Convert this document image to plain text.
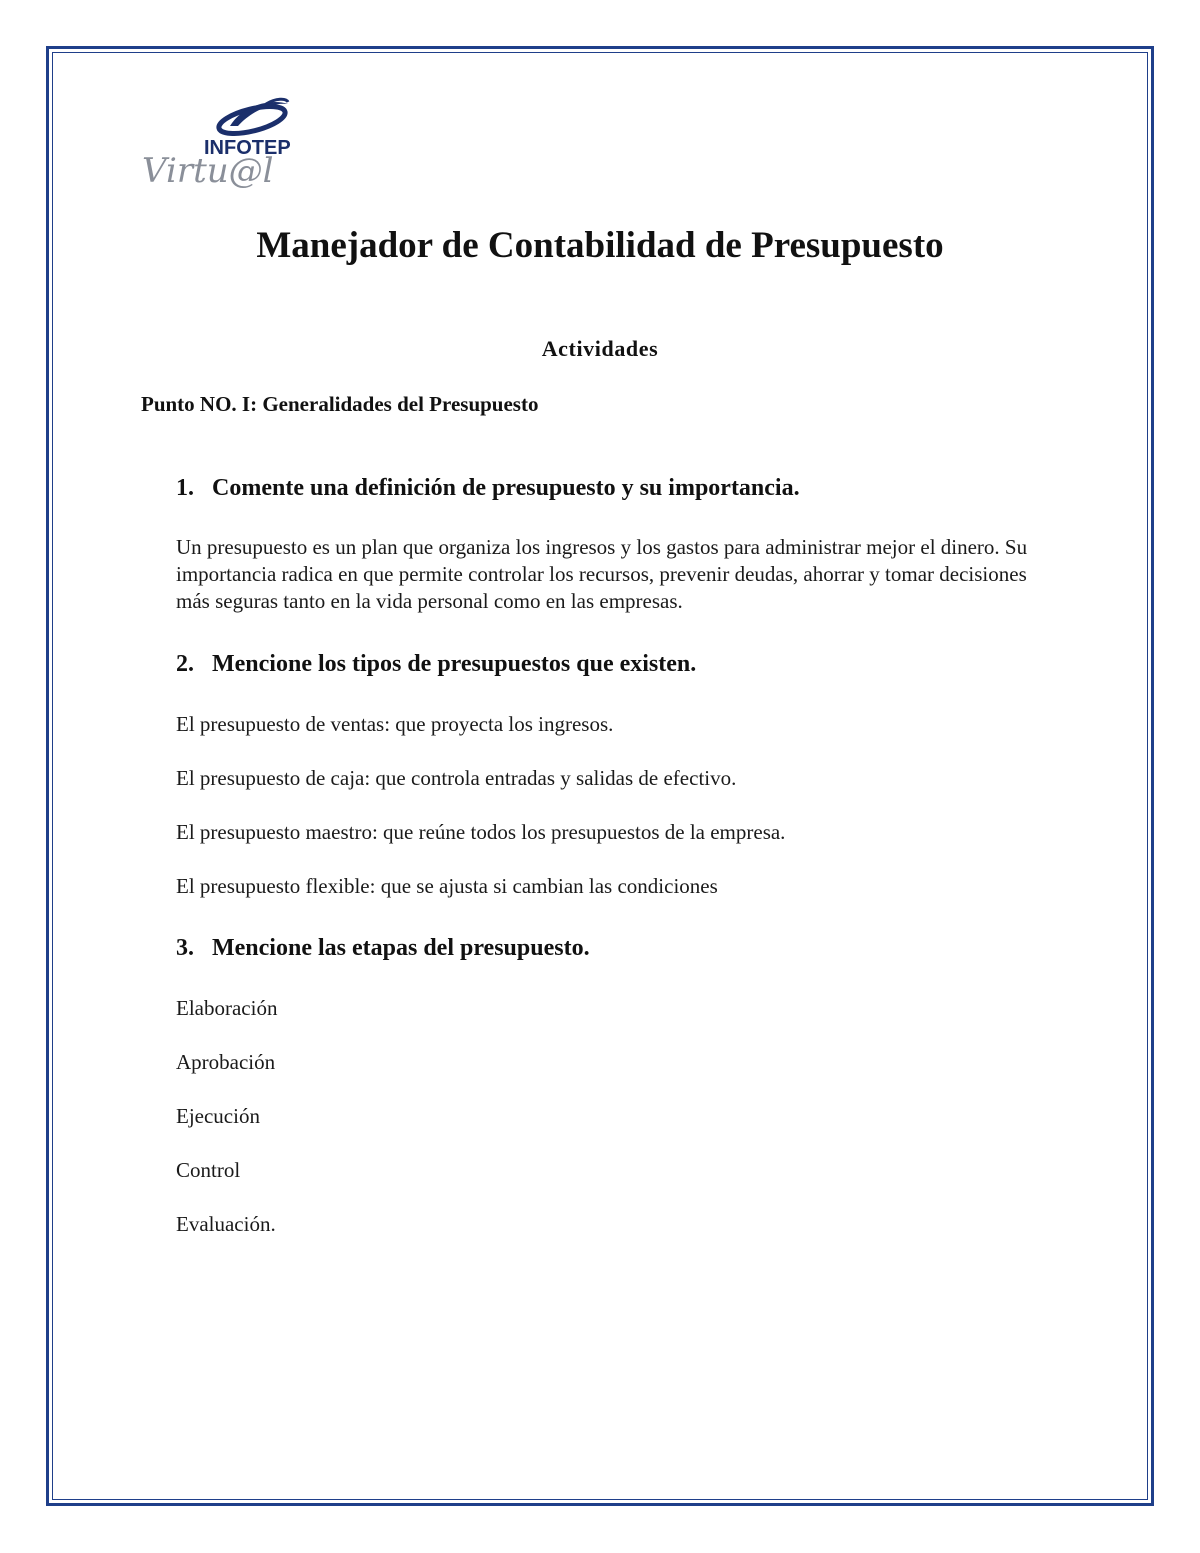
INFOTEP
Virtu@l
Manejador de Contabilidad de Presupuesto
Actividades
Punto NO. I: Generalidades del Presupuesto
1. Comente una definición de presupuesto y su importancia.
Un presupuesto es un plan que organiza los ingresos y los gastos para administrar mejor el dinero. Su importancia radica en que permite controlar los recursos, prevenir deudas, ahorrar y tomar decisiones más seguras tanto en la vida personal como en las empresas.
2. Mencione los tipos de presupuestos que existen.
El presupuesto de ventas: que proyecta los ingresos.
El presupuesto de caja: que controla entradas y salidas de efectivo.
El presupuesto maestro: que reúne todos los presupuestos de la empresa.
El presupuesto flexible: que se ajusta si cambian las condiciones
3. Mencione las etapas del presupuesto.
Elaboración
Aprobación
Ejecución
Control
Evaluación.
